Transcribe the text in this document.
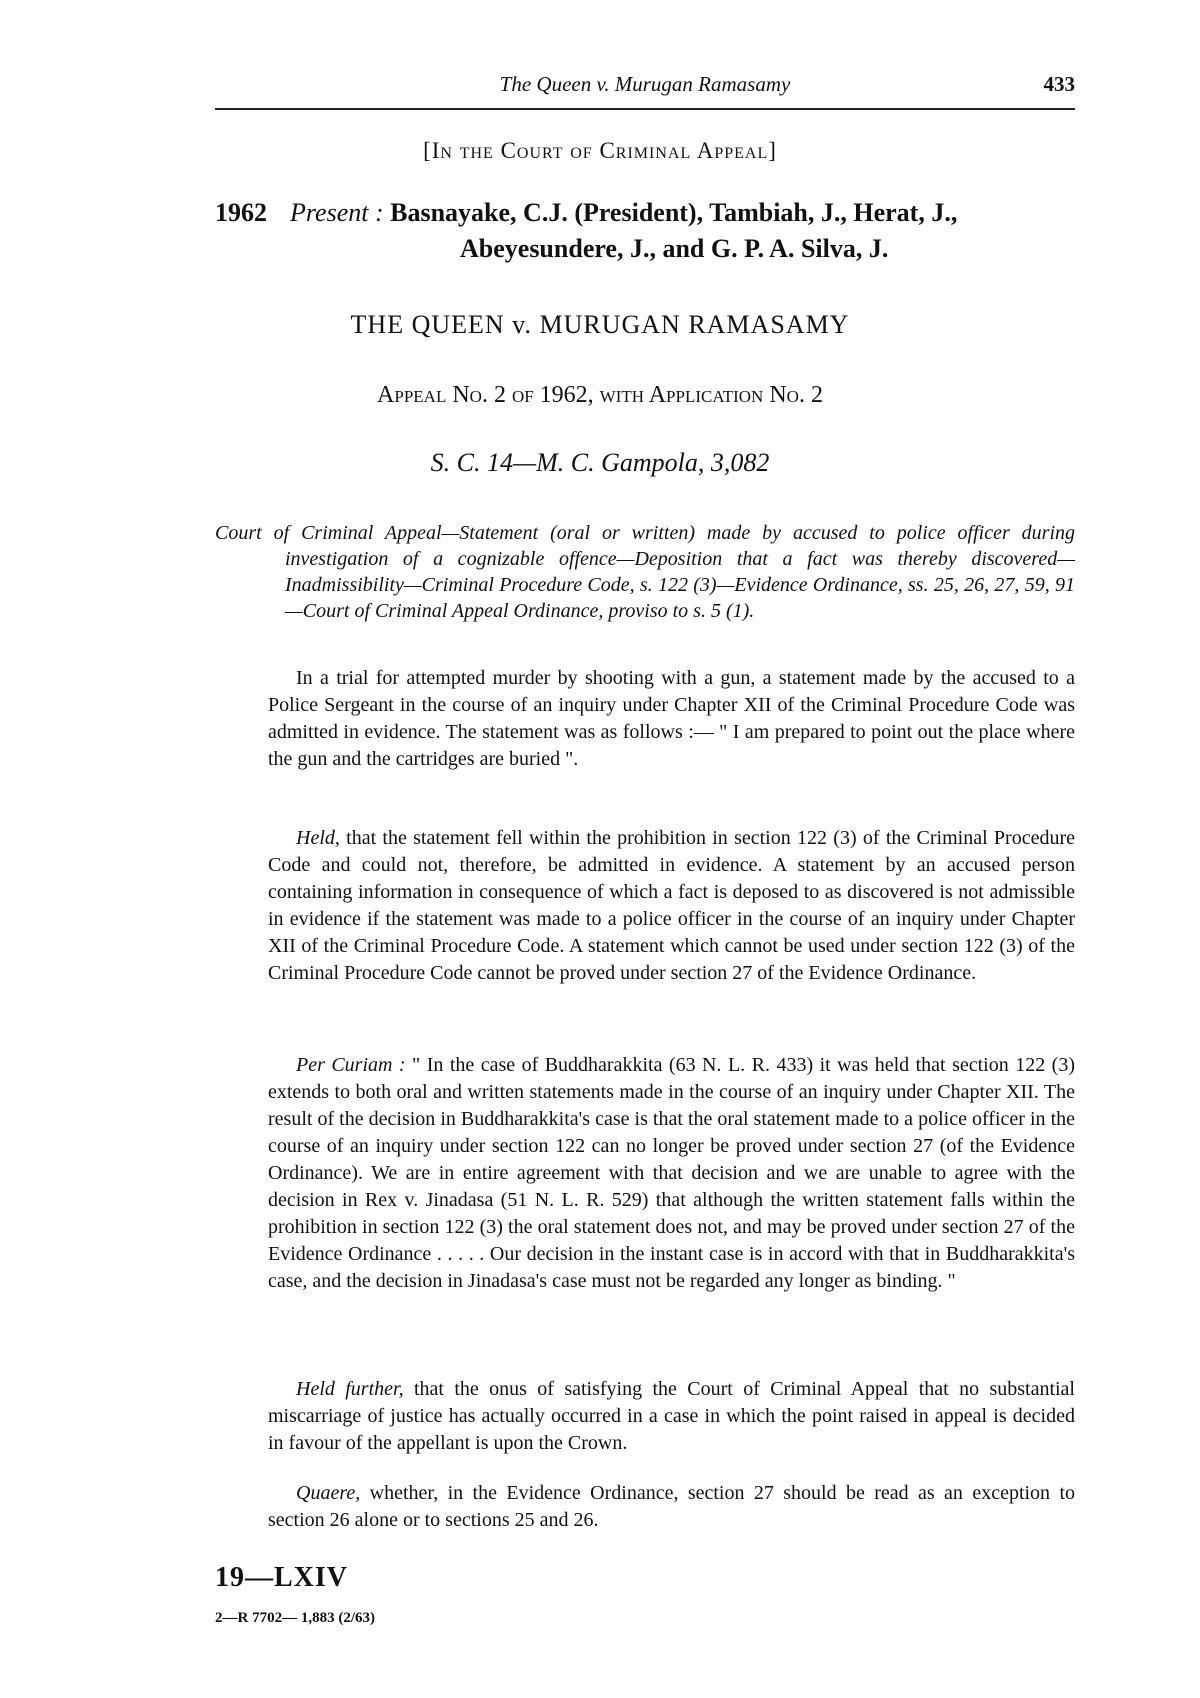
The Queen v. Murugan Ramasamy	433
[In the Court of Criminal Appeal]
1962 Present : Basnayake, C.J. (President), Tambiah, J., Herat, J.,
Abeyesundere, J., and G. P. A. Silva, J.
THE QUEEN v. MURUGAN RAMASAMY
Appeal No. 2 of 1962, with Application No. 2
S. C. 14—M. C. Gampola, 3,082
Court of Criminal Appeal—Statement (oral or written) made by accused to police officer during investigation of a cognizable offence—Deposition that a fact was thereby discovered—Inadmissibility—Criminal Procedure Code, s. 122 (3)—Evidence Ordinance, ss. 25, 26, 27, 59, 91—Court of Criminal Appeal Ordinance, proviso to s. 5 (1).
In a trial for attempted murder by shooting with a gun, a statement made by the accused to a Police Sergeant in the course of an inquiry under Chapter XII of the Criminal Procedure Code was admitted in evidence. The statement was as follows :— " I am prepared to point out the place where the gun and the cartridges are buried ".
Held, that the statement fell within the prohibition in section 122 (3) of the Criminal Procedure Code and could not, therefore, be admitted in evidence. A statement by an accused person containing information in consequence of which a fact is deposed to as discovered is not admissible in evidence if the statement was made to a police officer in the course of an inquiry under Chapter XII of the Criminal Procedure Code. A statement which cannot be used under section 122 (3) of the Criminal Procedure Code cannot be proved under section 27 of the Evidence Ordinance.
Per Curiam : " In the case of Buddharakkita (63 N. L. R. 433) it was held that section 122 (3) extends to both oral and written statements made in the course of an inquiry under Chapter XII. The result of the decision in Buddharakkita's case is that the oral statement made to a police officer in the course of an inquiry under section 122 can no longer be proved under section 27 (of the Evidence Ordinance). We are in entire agreement with that decision and we are unable to agree with the decision in Rex v. Jinadasa (51 N. L. R. 529) that although the written statement falls within the prohibition in section 122 (3) the oral statement does not, and may be proved under section 27 of the Evidence Ordinance . . . . . Our decision in the instant case is in accord with that in Buddharakkita's case, and the decision in Jinadasa's case must not be regarded any longer as binding. "
Held further, that the onus of satisfying the Court of Criminal Appeal that no substantial miscarriage of justice has actually occurred in a case in which the point raised in appeal is decided in favour of the appellant is upon the Crown.
Quaere, whether, in the Evidence Ordinance, section 27 should be read as an exception to section 26 alone or to sections 25 and 26.
19—LXIV
2—R 7702— 1,883 (2/63)
